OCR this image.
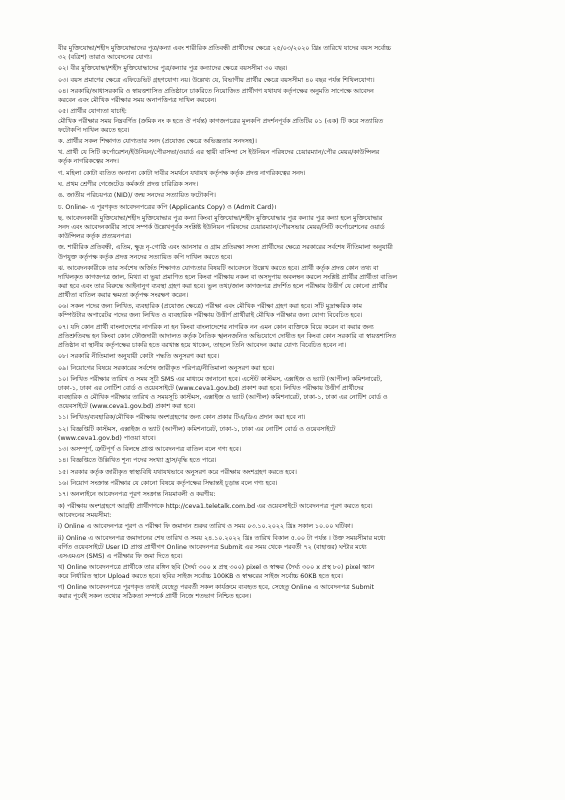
বীর মুক্তিযোদ্ধা/শহীদ মুক্তিযোদ্ধাদের পুত্র/কন্যা এবং শারীরিক প্রতিবন্ধী প্রার্থীদের ক্ষেত্রে ২৫/০৩/২০২০ খ্রিঃ তারিখে যাদের বয়স সর্বোচ্চ
৩২ (বত্রিশ) তারাও আবেদনের যোগ্য।
০২। বীর মুক্তিযোদ্ধা/শহীদ মুক্তিযোদ্ধাদের পুত্র/কন্যার পুত্র কন্যাদের ক্ষেত্রে বয়সসীমা ৩০ বছর।
০৩। বয়স প্রমাণের ক্ষেত্রে এফিডেভিট গ্রহণযোগ্য নয়। উল্লেখ্য যে, বিভাগীয় প্রার্থীর ক্ষেত্রে বয়সসীমা ৪০ বছর পর্যন্ত শিথিলযোগ্য।
০৪। সরকারি/আধাসরকারি ও স্বায়ত্তশাসিত প্রতিষ্ঠানে চাকরিতে নিয়োজিত প্রার্থীগণ যথাযথ কর্তৃপক্ষের অনুমতি সাপেক্ষে আবেদন
করবেন এবং মৌখিক পরীক্ষার সময় অনাপত্তিপত্র দাখিল করবেন।
০৫। প্রার্থীর যোগ্যতা যাচাই:
মৌখিক পরীক্ষার সময় নিম্নবর্ণিত (ক্রমিক নং ক হতে ঔ পর্যন্ত) কাগজপত্রের মূলকপি প্রদর্শনপূর্বক প্রতিটির ০১ (এক) টি করে সত্যায়িত
ফটোকপি দাখিল করতে হবে।
ক. প্রার্থীর সকল শিক্ষাগত যোগ্যতার সনদ (প্রযোজ্য ক্ষেত্রে অভিজ্ঞতার সনদসহ)।
খ. প্রার্থী যে সিটি কর্পোরেশন/ইউনিয়ন/পৌরসভা/ওয়ার্ড এর স্থায়ী বাসিন্দা সে ইউনিয়ন পরিষদের চেয়ারম্যান/পৌর মেয়র/কাউন্সিলর
কর্তৃক নাগরিকত্বের সনদ।
গ. মহিলা কোটা ব্যতিত অন্যান্য কোটা দাবীর সমর্থনে যথাযথ কর্তৃপক্ষ কর্তৃক প্রদত্ত নাগরিকত্বের সনদ।
ঘ. প্রথম শ্রেণীর গেজেটেড কর্মকর্তা প্রদত্ত চারিত্রিক সনদ।
ঙ. জাতীয় পরিচয়পত্র (NID)/ জন্ম সনদের সত্যায়িত ফটোকপি।
চ. Online- এ পূরণকৃত আবেদনপত্রের কপি (Applicants Copy) ও (Admit Card)।
ছ. আবেদনকারী মুক্তিযোদ্ধা/শহীদ মুক্তিযোদ্ধার পুত্র কন্যা কিংবা মুক্তিযোদ্ধা/শহীদ মুক্তিযোদ্ধার পুত্র কন্যার পুত্র কন্যা হলে মুক্তিযোদ্ধার
সনদ এবং আবেদনকারীর সাথে সম্পর্ক উল্লেখপূর্বক সংশ্লিষ্ট ইউনিয়ন পরিষদের চেয়ারম্যান/পৌরসভার মেয়র/সিটি কর্পোরেশনের ওয়ার্ড
কাউন্সিলর কর্তৃক প্রত্যয়নপত্র।
জ. শারীরিক প্রতিবন্ধী, এতিম, ক্ষুদ্র নৃ-গোষ্ঠি এবং আনসার ও গ্রাম প্রতিরক্ষা সদস্য প্রার্থীদের ক্ষেত্রে সরকারের সর্বশেষ নীতিমালা অনুযায়ী
উপযুক্ত কর্তৃপক্ষ কর্তৃক প্রদত্ত সনদের সত্যায়িত কপি দাখিল করতে হবে।
ঝ. আবেদনকারীকে তার সর্বশেষ অর্জিত শিক্ষাগত যোগ্যতার বিষয়টি আবেদনে উল্লেখ করতে হবে। প্রার্থী কর্তৃক প্রদত্ত কোন তথ্য বা
দাখিলকৃত কাগজপত্র জাল, মিথ্যা বা ভুয়া প্রমাণিত হলে কিংবা পরীক্ষায় নকল বা অসদুপায় অবলম্বন করলে সংশ্লিষ্ট প্রার্থীর প্রার্থীতা বাতিল
করা হবে এবং তার বিরুদ্ধে আইনানুগ ব্যবস্থা গ্রহণ করা হবে। ভুল তথ্য/জাল কাগজপত্র প্রদর্শিত হলে পরীক্ষায় উত্তীর্ণ যে কোনো প্রার্থীর
প্রার্থীতা বাতিল করার ক্ষমতা কর্তৃপক্ষ সংরক্ষণ করেন।
০৬। সকল পদের জন্য লিখিত, ব্যবহারিক (প্রযোজ্য ক্ষেত্রে) পরীক্ষা এবং মৌখিক পরীক্ষা গ্রহণ করা হবে। সাঁট মুদ্রাক্ষরিক কাম
কম্পিউটার অপারেটর পদের জন্য লিখিত ও ব্যবহারিক পরীক্ষায় উত্তীর্ণ প্রার্থীরাই মৌখিক পরীক্ষার জন্য যোগ্য বিবেচিত হবে।
০৭। যদি কোন প্রার্থী বাংলাদেশের নাগরিক না হন কিংবা বাংলাদেশের নাগরিক নন এমন কোন ব্যক্তিকে বিয়ে করেন বা করার জন্য
প্রতিশ্রুতিবদ্ধ হন কিংবা কোন ফৌজদারী আদালত কর্তৃক নৈতিক স্খলনজনিত অভিযোগে দোষীত হন কিংবা কোন সরকারি বা স্বায়ত্তশাসিত
প্রতিষ্ঠান বা স্থানীয় কর্তৃপক্ষের চাকরি হতে বরখাস্ত হয়ে থাকেন, তাহলে তিনি আবেদন করার যোগ্য বিবেচিত হবেন না।
০৮। সরকারি নীতিমালা অনুযায়ী কোটা পদ্ধতি অনুসরণ করা হবে।
০৯। নিয়োগের বিষয়ে সরকারের সর্বশেষ জারীকৃত পরিপত্র/নীতিমালা অনুসরণ করা হবে।
১০। লিখিত পরীক্ষার তারিখ ও সময় সূচী SMS এর মাধ্যমে জানানো হবে। এস্টেট কাস্টমস, এক্সাইজ ও ভ্যাট (আপীল) কমিশনারেট,
ঢাকা-১, ঢাকা এর নোটিশ বোর্ড ও ওয়েবসাইটে (www.ceva1.gov.bd) প্রকাশ করা হবে। লিখিত পরীক্ষায় উত্তীর্ণ প্রার্থীদের
ব্যবহারিক ও মৌখিক পরীক্ষার তারিখ ও সময়সূচি কাস্টমস, এক্সাইজ ও ভ্যাট (আপীল) কমিশনারেট, ঢাকা-১, ঢাকা এর নোটিশ বোর্ড ও
ওয়েবসাইটে (www.ceva1.gov.bd) প্রকাশ করা হবে।
১১। লিখিত/ব্যবহারিক/মৌখিক পরীক্ষায় অংশগ্রহণের জন্য কোন প্রকার টিএ/ডিএ প্রদান করা হবে না।
১২। বিজ্ঞপ্তিটি কাস্টমস, এক্সাইজ ও ভ্যাট (আপীল) কমিশনারেট, ঢাকা-১, ঢাকা এর নোটিশ বোর্ড ও ওয়েবসাইটে
(www.ceva1.gov.bd) পাওয়া যাবে।
১৩। অসম্পূর্ণ, ত্রুটিপূর্ণ ও বিলম্বে প্রাপ্ত আবেদনপত্র বাতিল বলে গণ্য হবে।
১৪। বিজ্ঞপ্তিতে উল্লিখিত শূন্য পদের সংখ্যা হ্রাস/বৃদ্ধি হতে পারে।
১৫। সরকার কর্তৃক জারীকৃত স্বাস্থ্যবিধি যথাযথভাবে অনুসরণ করে পরীক্ষায় অংশগ্রহণ করতে হবে।
১৬। নিয়োগ সংক্রান্ত পরীক্ষার যে কোনো বিষয়ে কর্তৃপক্ষের সিদ্ধান্তই চূড়ান্ত বলে গণ্য হবে।
১৭। অনলাইনে আবেদনপত্র পূরণ সংক্রান্ত নিয়মাবলী ও করণীয়:
ক) পরীক্ষায় অংশগ্রহণে আগ্রহী প্রার্থীগণকে http://ceva1.teletalk.com.bd এর ওয়েবসাইটে আবেদনপত্র পূরণ করতে হবে।
আবেদনের সময়সীমা:
i) Online এ আবেদনপত্র পূরণ ও পরীক্ষা ফি জমাদান শুরুর তারিখ ও সময় ০৩.১০.২০২২ খ্রিঃ সকাল ১০.০০ ঘটিকা।
ii) Online এ আবেদনপত্র জমাদানের শেষ তারিখ ও সময় ২৪.১০.২০২২ খ্রিঃ তারিখ বিকাল ৫.০০ টা পর্যন্ত । উক্ত সময়সীমার মধ্যে
বর্ণিত ওয়েবসাইটে User ID প্রাপ্ত প্রার্থীগণ Online আবেদনপত্র Submit এর সময় থেকে পরবর্তী ৭২ (বাহাত্তর) ঘন্টার মধ্যে
এসএমএস (SMS) এ পরীক্ষার ফি জমা দিতে হবে।
খ) Online আবেদনপত্রে প্রার্থীকে তার রঙ্গিন ছবি (দৈর্ঘ্য ৩০০ x প্রস্থ ৩০০) pixel ও স্বাক্ষর (দৈর্ঘ্য ৩০০ x প্রস্থ ৮০) pixel স্ক্যান
করে নির্ধারিত স্থানে Upload করতে হবে। ছবির সাইজ সর্বোচ্চ 100KB ও স্বাক্ষরের সাইজ সর্বোচ্চ 60KB হতে হবে।
গ) Online আবেদনপত্রে পূরণকৃত তথ্যই যেহেতু পরবর্তী সকল কার্যক্রমে ব্যবহৃত হবে, সেহেতু Online এ আবেদনপত্র Submit
করার পূর্বেই সকল তথ্যের সঠিকতা সম্পর্কে প্রার্থী নিজে শতভাগ নিশ্চিত হবেন।
